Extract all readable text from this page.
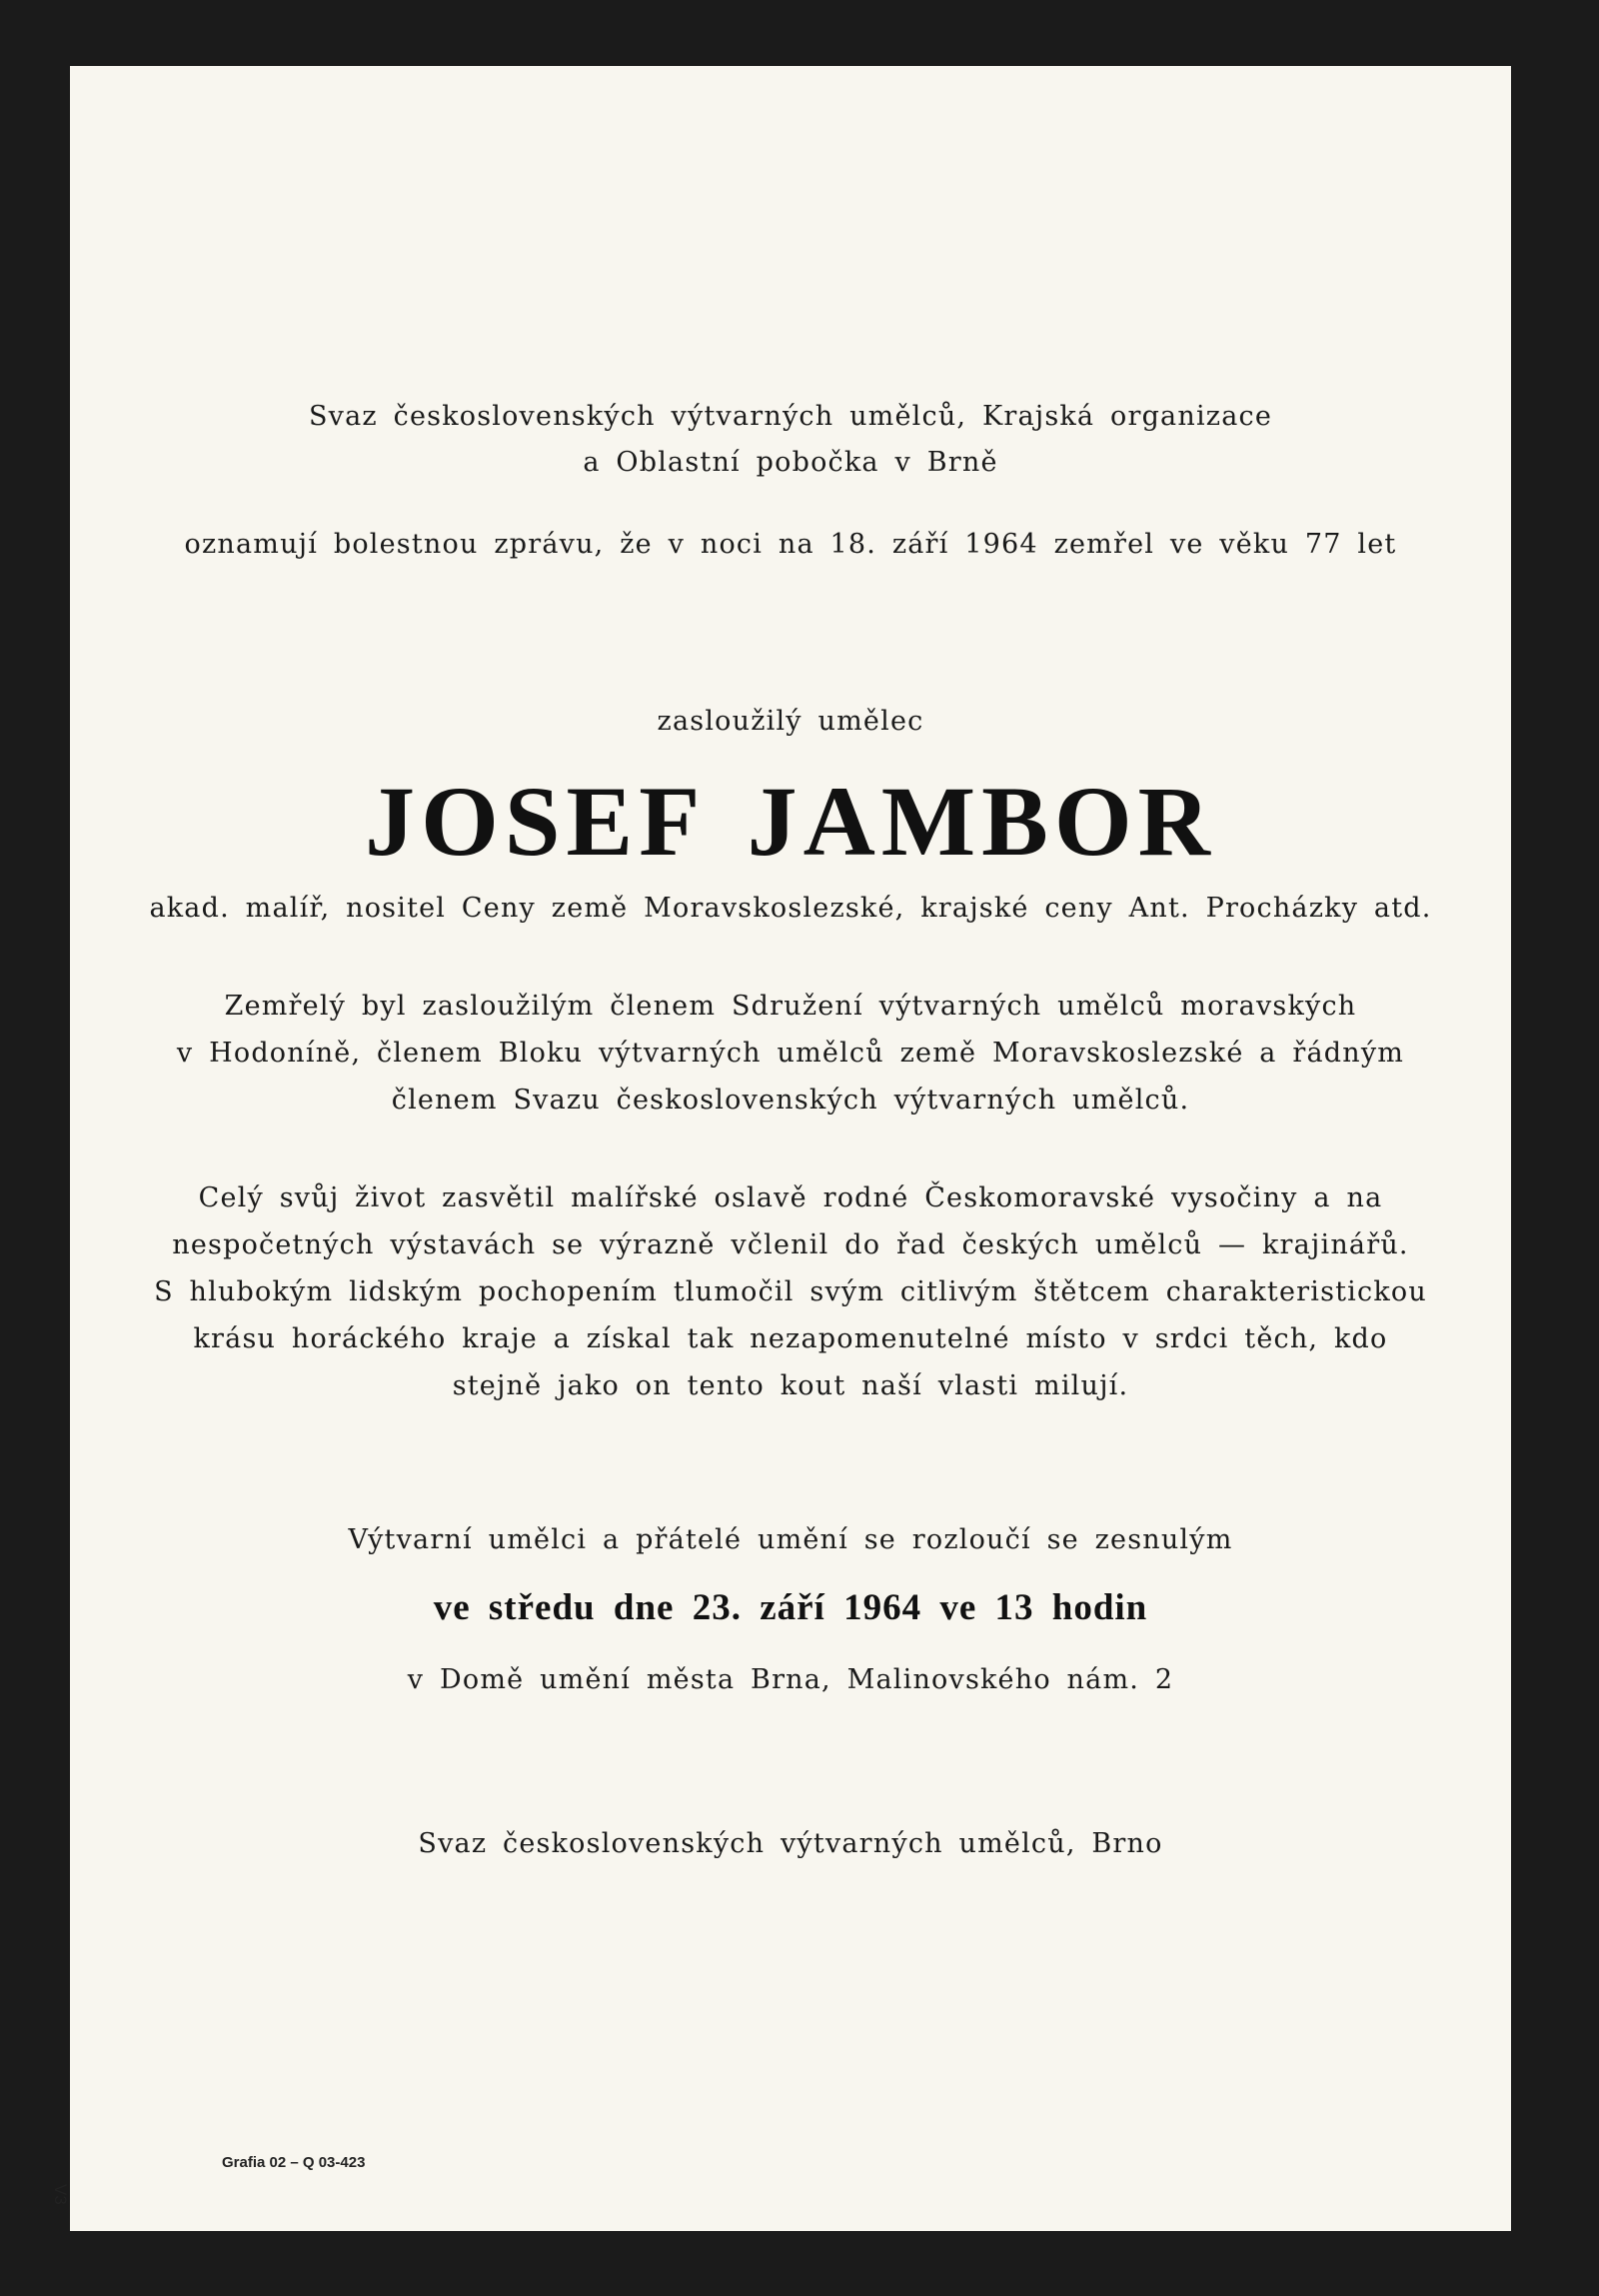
Svaz československých výtvarných umělců, Krajská organizace
a Oblastní pobočka v Brně
oznamují bolestnou zprávu, že v noci na 18. září 1964 zemřel ve věku 77 let
zasloužilý umělec
JOSEF JAMBOR
akad. malíř, nositel Ceny země Moravskoslezské, krajské ceny Ant. Procházky atd.
Zemřelý byl zasloužilým členem Sdružení výtvarných umělců moravských
v Hodoníně, členem Bloku výtvarných umělců země Moravskoslezské a řádným
členem Svazu československých výtvarných umělců.
Celý svůj život zasvětil malířské oslavě rodné Českomoravské vysočiny a na
nespočetných výstavách se výrazně včlenil do řad českých umělců — krajinářů.
S hlubokým lidským pochopením tlumočil svým citlivým štětcem charakteristickou
krásu horáckého kraje a získal tak nezapomenutelné místo v srdci těch, kdo
stejně jako on tento kout naší vlasti milují.
Výtvarní umělci a přátelé umění se rozloučí se zesnulým
ve středu dne 23. září 1964 ve 13 hodin
v Domě umění města Brna, Malinovského nám. 2
Svaz československých výtvarných umělců, Brno
Grafia 02 – Q 03-423
V3
